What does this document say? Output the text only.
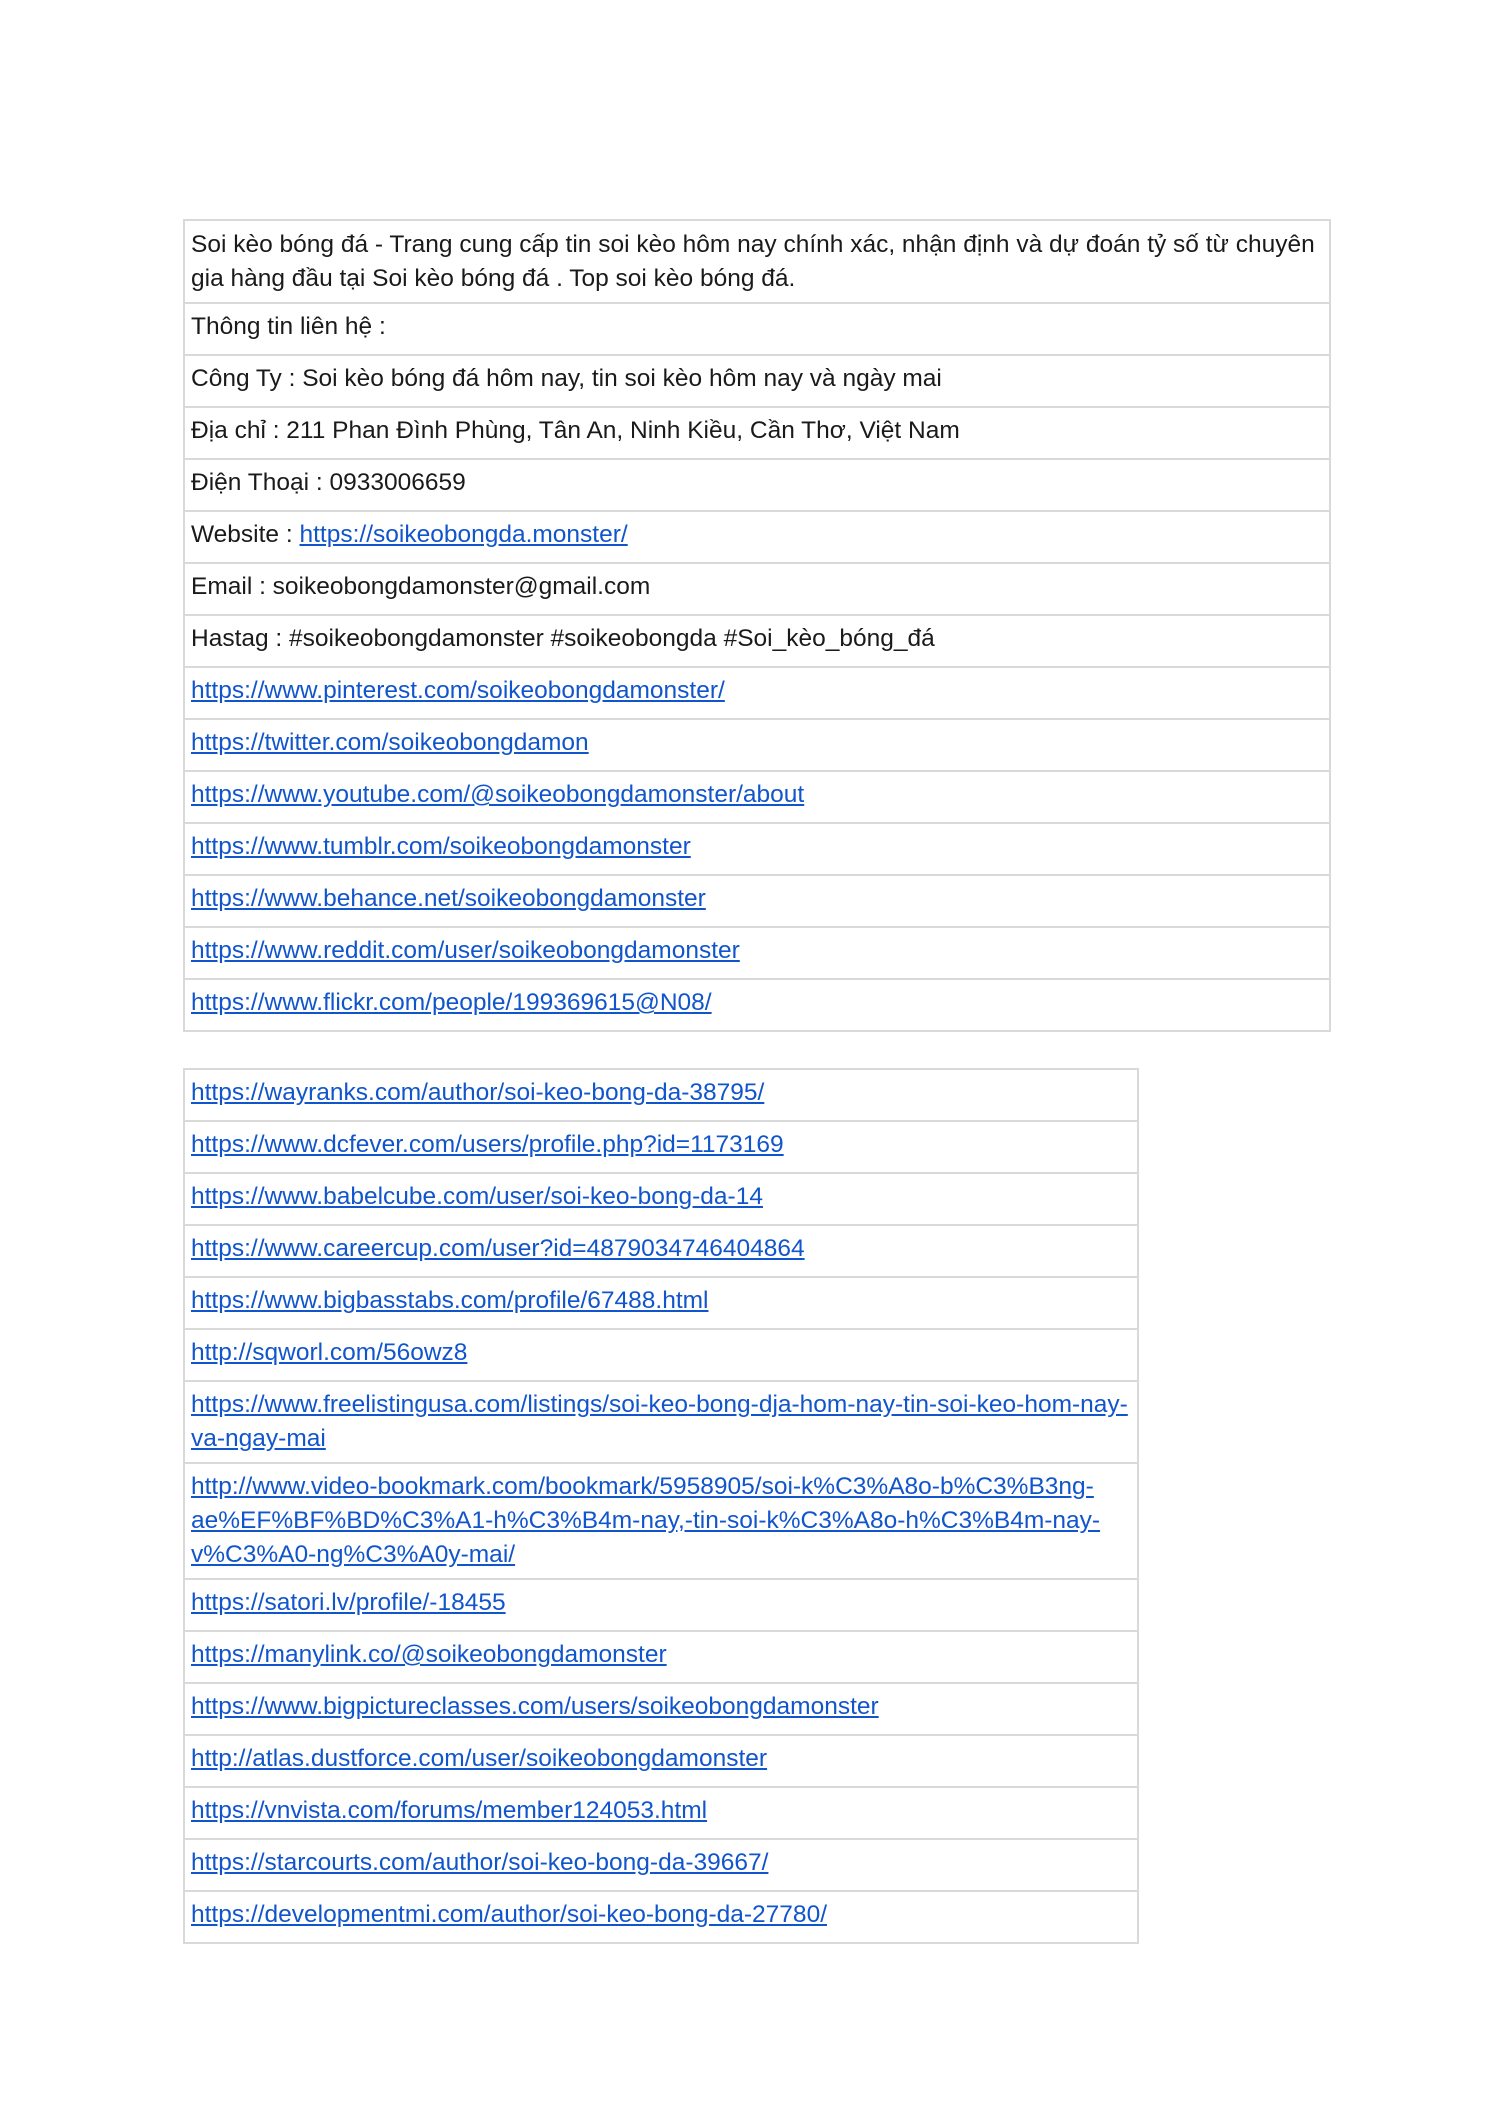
Soi kèo bóng đá - Trang cung cấp tin soi kèo hôm nay chính xác, nhận định và dự đoán tỷ số từ chuyên gia hàng đầu tại Soi kèo bóng đá . Top soi kèo bóng đá.
Thông tin liên hệ :
Công Ty : Soi kèo bóng đá hôm nay, tin soi kèo hôm nay và ngày mai
Địa chỉ : 211 Phan Đình Phùng, Tân An, Ninh Kiều, Cần Thơ, Việt Nam
Điện Thoại : 0933006659
Website : https://soikeobongda.monster/
Email : soikeobongdamonster@gmail.com
Hastag : #soikeobongdamonster #soikeobongda #Soi_kèo_bóng_đá
https://www.pinterest.com/soikeobongdamonster/
https://twitter.com/soikeobongdamon
https://www.youtube.com/@soikeobongdamonster/about
https://www.tumblr.com/soikeobongdamonster
https://www.behance.net/soikeobongdamonster
https://www.reddit.com/user/soikeobongdamonster
https://www.flickr.com/people/199369615@N08/
https://wayranks.com/author/soi-keo-bong-da-38795/
https://www.dcfever.com/users/profile.php?id=1173169
https://www.babelcube.com/user/soi-keo-bong-da-14
https://www.careercup.com/user?id=4879034746404864
https://www.bigbasstabs.com/profile/67488.html
http://sqworl.com/56owz8
https://www.freelistingusa.com/listings/soi-keo-bong-dja-hom-nay-tin-soi-keo-hom-nay-va-ngay-mai
http://www.video-bookmark.com/bookmark/5958905/soi-k%C3%A8o-b%C3%B3ng-ae%EF%BF%BD%C3%A1-h%C3%B4m-nay,-tin-soi-k%C3%A8o-h%C3%B4m-nay-v%C3%A0-ng%C3%A0y-mai/
https://satori.lv/profile/-18455
https://manylink.co/@soikeobongdamonster
https://www.bigpictureclasses.com/users/soikeobongdamonster
http://atlas.dustforce.com/user/soikeobongdamonster
https://vnvista.com/forums/member124053.html
https://starcourts.com/author/soi-keo-bong-da-39667/
https://developmentmi.com/author/soi-keo-bong-da-27780/
